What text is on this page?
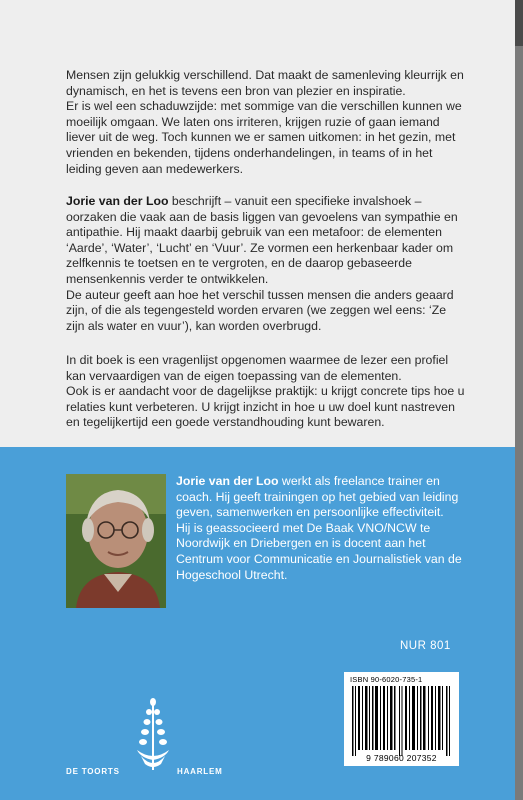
Mensen zijn gelukkig verschillend. Dat maakt de samenleving kleurrijk en dynamisch, en het is tevens een bron van plezier en inspiratie.

Er is wel een schaduwzijde: met sommige van die verschillen kunnen we moeilijk omgaan. We laten ons irriteren, krijgen ruzie of gaan iemand liever uit de weg. Toch kunnen we er samen uitkomen: in het gezin, met vrienden en bekenden, tijdens onderhandelingen, in teams of in het leiding geven aan medewerkers.

Jorie van der Loo beschrijft – vanuit een specifieke invalshoek – oorzaken die vaak aan de basis liggen van gevoelens van sympathie en antipathie. Hij maakt daarbij gebruik van een metafoor: de elementen ‘Aarde’, ‘Water’, ‘Lucht’ en ‘Vuur’. Ze vormen een herkenbaar kader om zelfkennis te toetsen en te vergroten, en de daarop gebaseerde mensenkennis verder te ontwikkelen.

De auteur geeft aan hoe het verschil tussen mensen die anders geaard zijn, of die als tegengesteld worden ervaren (we zeggen wel eens: ‘Ze zijn als water en vuur’), kan worden overbrugd.

In dit boek is een vragenlijst opgenomen waarmee de lezer een profiel kan vervaardigen van de eigen toepassing van de elementen.

Ook is er aandacht voor de dagelijkse praktijk: u krijgt concrete tips hoe u relaties kunt verbeteren. U krijgt inzicht in hoe u uw doel kunt nastreven en tegelijkertijd een goede verstandhouding kunt bewaren.

Jorie van der Loo werkt als freelance trainer en coach. Hij geeft trainingen op het gebied van leiding geven, samenwerken en persoonlijke effectiviteit.

Hij is geassocieerd met De Baak VNO/NCW te Noordwijk en Driebergen en is docent aan het Centrum voor Communicatie en Journalistiek van de Hogeschool Utrecht.

NUR 801
ISBN 90-6020-735-1
9 789060 207352
DE TOORTS	HAARLEM
